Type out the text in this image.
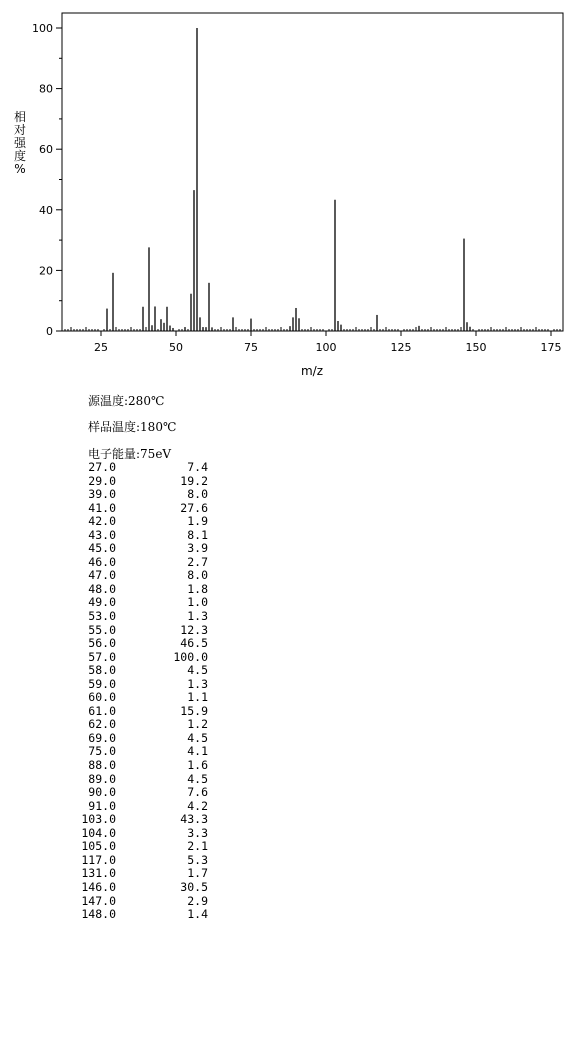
25	50	75	100	125	150	175
0
20
40
60
80
100
m/z
相
对
强
度
%
源温度:280℃
样品温度:180℃
电子能量:75eV
27.0	7.4
29.0	19.2
39.0	8.0
41.0	27.6
42.0	1.9
43.0	8.1
45.0	3.9
46.0	2.7
47.0	8.0
48.0	1.8
49.0	1.0
53.0	1.3
55.0	12.3
56.0	46.5
57.0	100.0
58.0	4.5
59.0	1.3
60.0	1.1
61.0	15.9
62.0	1.2
69.0	4.5
75.0	4.1
88.0	1.6
89.0	4.5
90.0	7.6
91.0	4.2
103.0	43.3
104.0	3.3
105.0	2.1
117.0	5.3
131.0	1.7
146.0	30.5
147.0	2.9
148.0	1.4
